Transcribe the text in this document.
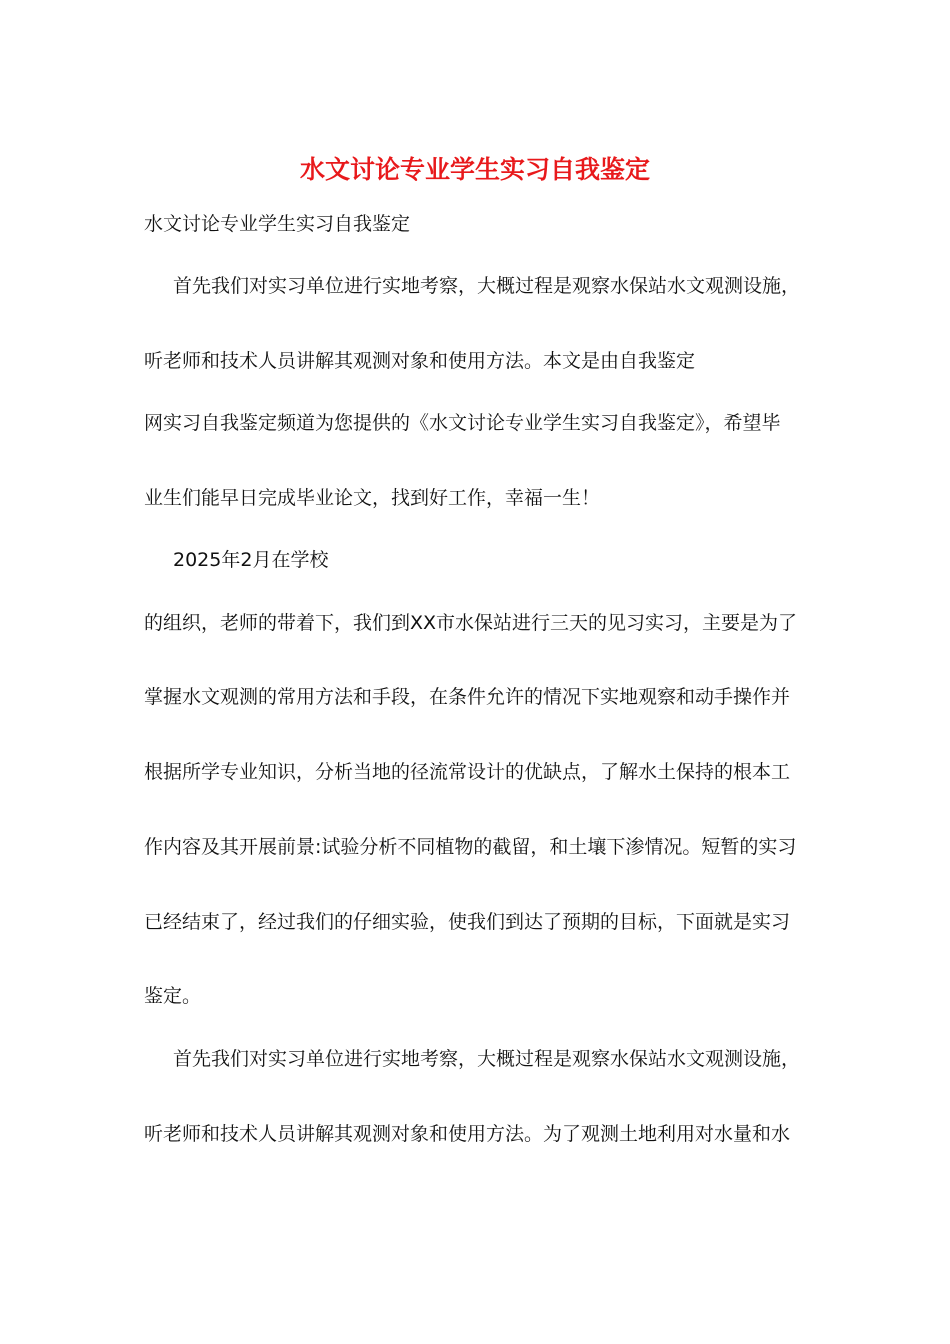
水文讨论专业学生实习自我鉴定
水文讨论专业学生实习自我鉴定
首先我们对实习单位进行实地考察，大概过程是观察水保站水文观测设施，
听老师和技术人员讲解其观测对象和使用方法。本文是由自我鉴定
网实习自我鉴定频道为您提供的《水文讨论专业学生实习自我鉴定》，希望毕
业生们能早日完成毕业论文，找到好工作，幸福一生！
2025年2月在学校
的组织，老师的带着下，我们到XX市水保站进行三天的见习实习，主要是为了
掌握水文观测的常用方法和手段，在条件允许的情况下实地观察和动手操作并
根据所学专业知识，分析当地的径流常设计的优缺点，了解水土保持的根本工
作内容及其开展前景:试验分析不同植物的截留，和土壤下渗情况。短暂的实习
已经结束了，经过我们的仔细实验，使我们到达了预期的目标，下面就是实习
鉴定。
首先我们对实习单位进行实地考察，大概过程是观察水保站水文观测设施，
听老师和技术人员讲解其观测对象和使用方法。为了观测土地利用对水量和水
